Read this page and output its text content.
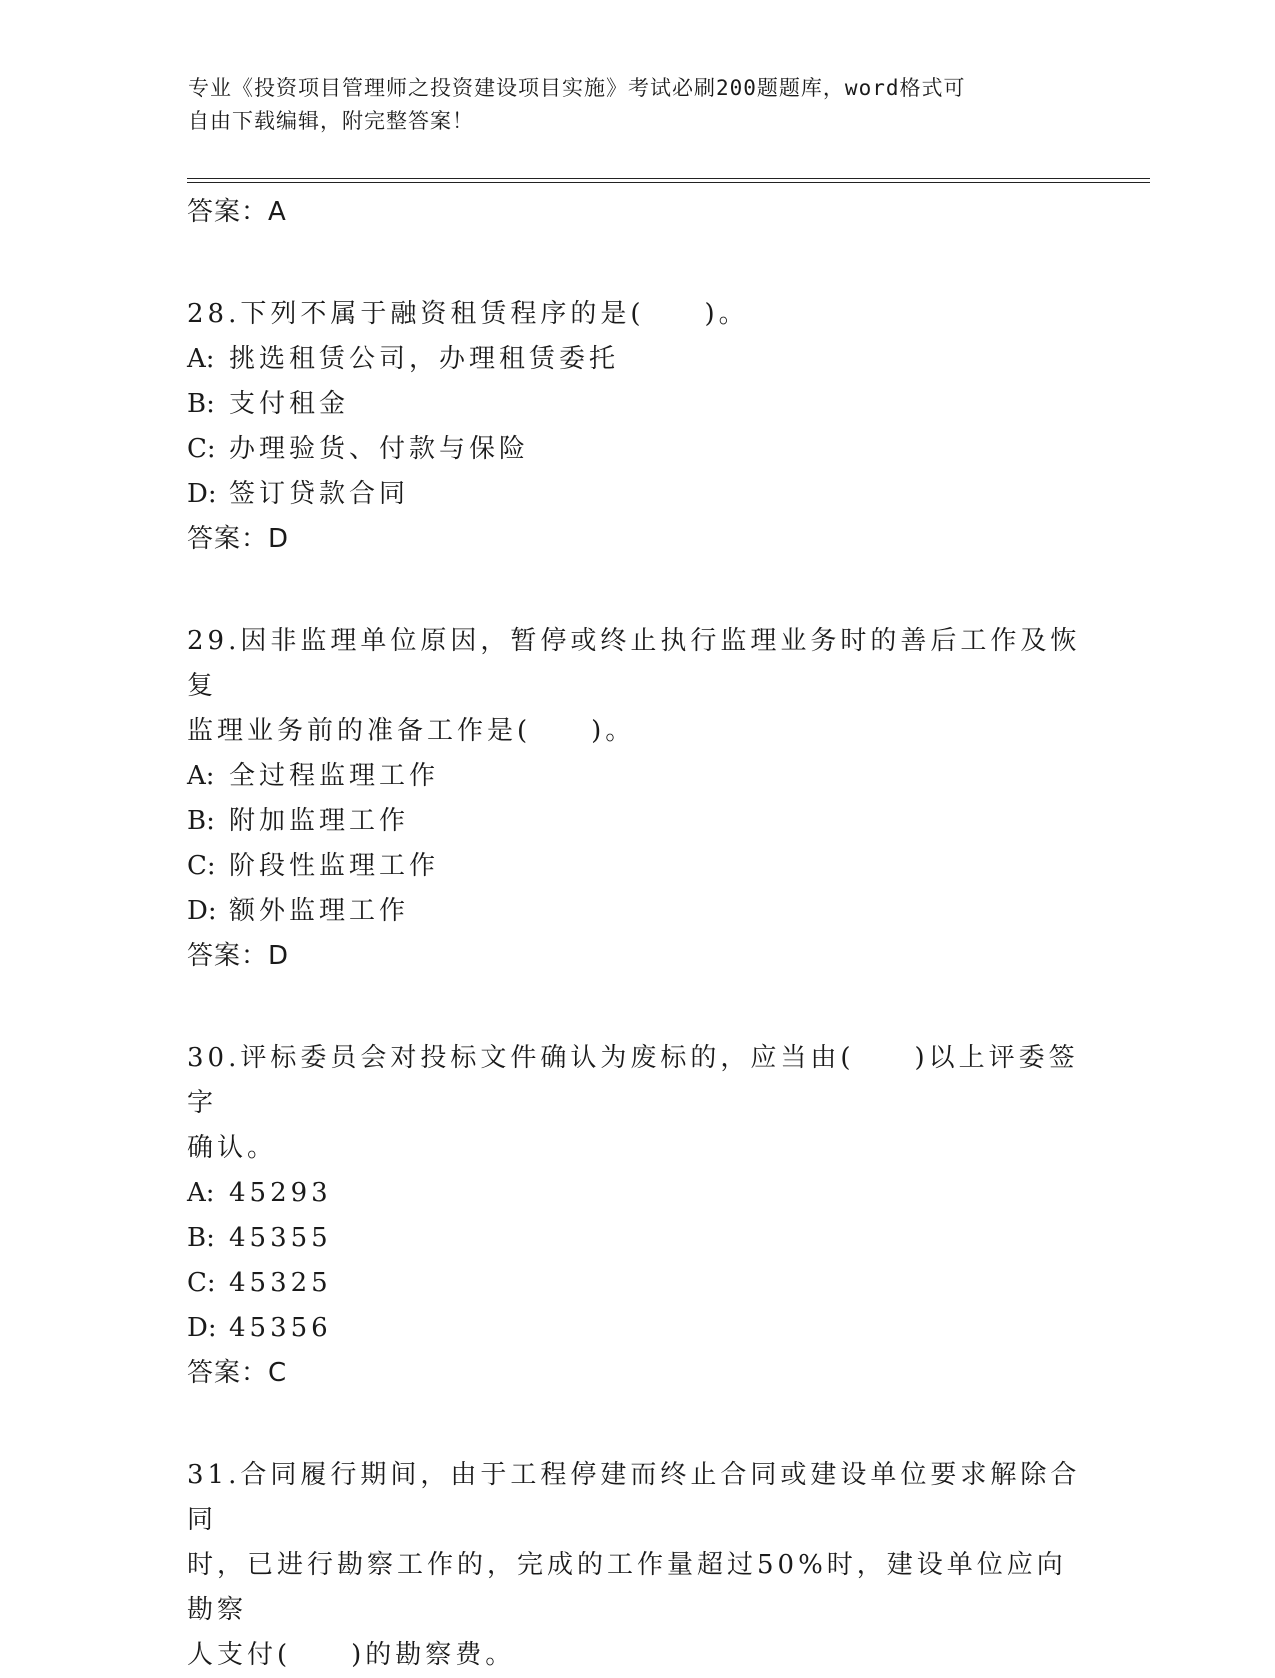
专业《投资项目管理师之投资建设项目实施》考试必刷200题题库，word格式可
自由下载编辑，附完整答案！
答案：A
28.下列不属于融资租赁程序的是(　　)。
A: 挑选租赁公司，办理租赁委托
B: 支付租金
C: 办理验货、付款与保险
D: 签订贷款合同
答案：D
29.因非监理单位原因，暂停或终止执行监理业务时的善后工作及恢复
监理业务前的准备工作是(　　)。
A: 全过程监理工作
B: 附加监理工作
C: 阶段性监理工作
D: 额外监理工作
答案：D
30.评标委员会对投标文件确认为废标的，应当由(　　)以上评委签字
确认。
A: 45293
B: 45355
C: 45325
D: 45356
答案：C
31.合同履行期间，由于工程停建而终止合同或建设单位要求解除合同
时，已进行勘察工作的，完成的工作量超过50%时，建设单位应向勘察
人支付(　　)的勘察费。
